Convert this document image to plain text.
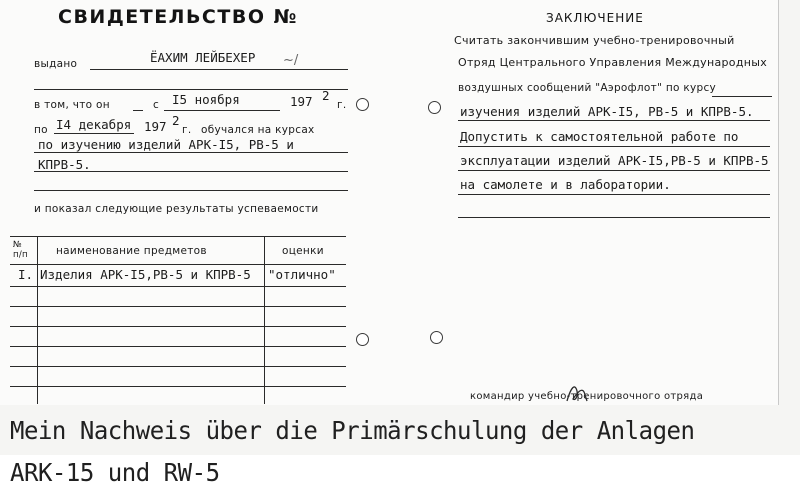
СВИДЕТЕЛЬСТВО №
выдано	ЁАХИМ ЛЕЙБЕХЕР ~/
в том, что он	с I5 ноября	197 2
г.
по I4 декабря 197 2
г. обучался на курсах
по изучению изделий АРК-I5, РВ-5 и
КПРВ-5.
и показал следующие результаты успеваемости
№
п/п	наименование предметов	оценки
I. Изделия АРК-I5,РВ-5 и КПРВ-5 "отлично"
ЗАКЛЮЧЕНИЕ
Считать закончившим учебно-тренировочный
Отряд Центрального Управления Международных
воздушных сообщений "Аэрофлот" по курсу
изучения изделий АРК-I5, РВ-5 и КПРВ-5.
Допустить к самостоятельной работе по
эксплуатации изделий АРК-I5,РВ-5 и КПРВ-5
на самолете и в лаборатории.
командир учебно-тренировочного отряда
Mein Nachweis über die Primärschulung der Anlagen ARK-15 und RW-5
